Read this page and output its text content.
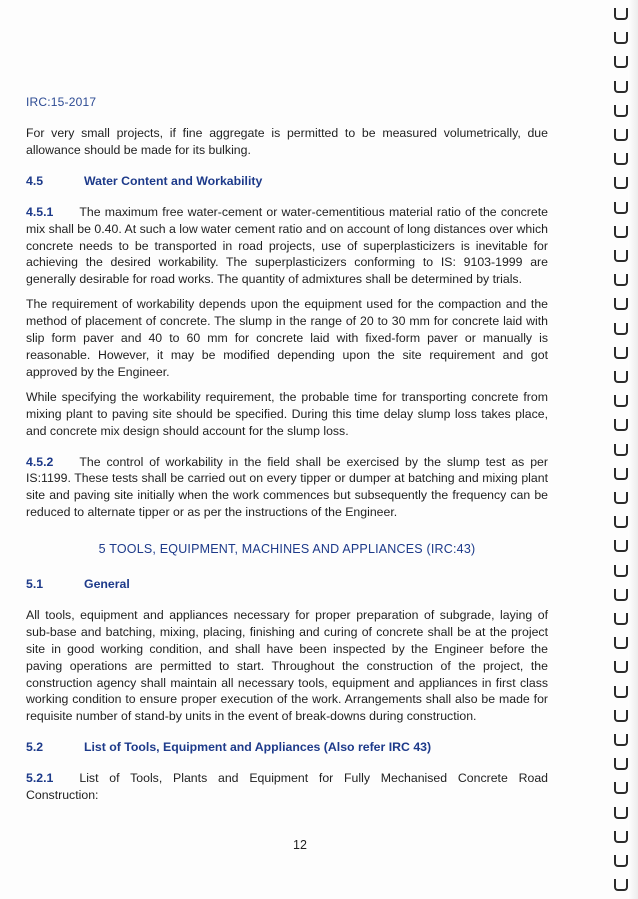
IRC:15-2017

For very small projects, if fine aggregate is permitted to be measured volumetrically, due allowance should be made for its bulking.

4.5	Water Content and Workability

4.5.1 The maximum free water-cement or water-cementitious material ratio of the concrete mix shall be 0.40. At such a low water cement ratio and on account of long distances over which concrete needs to be transported in road projects, use of superplasticizers is inevitable for achieving the desired workability. The superplasticizers conforming to IS: 9103-1999 are generally desirable for road works. The quantity of admixtures shall be determined by trials.

The requirement of workability depends upon the equipment used for the compaction and the method of placement of concrete. The slump in the range of 20 to 30 mm for concrete laid with slip form paver and 40 to 60 mm for concrete laid with fixed-form paver or manually is reasonable. However, it may be modified depending upon the site requirement and got approved by the Engineer.

While specifying the workability requirement, the probable time for transporting concrete from mixing plant to paving site should be specified. During this time delay slump loss takes place, and concrete mix design should account for the slump loss.

4.5.2 The control of workability in the field shall be exercised by the slump test as per IS:1199. These tests shall be carried out on every tipper or dumper at batching and mixing plant site and paving site initially when the work commences but subsequently the frequency can be reduced to alternate tipper or as per the instructions of the Engineer.

5 TOOLS, EQUIPMENT, MACHINES AND APPLIANCES (IRC:43)
5.1	General

All tools, equipment and appliances necessary for proper preparation of subgrade, laying of sub-base and batching, mixing, placing, finishing and curing of concrete shall be at the project site in good working condition, and shall have been inspected by the Engineer before the paving operations are permitted to start. Throughout the construction of the project, the construction agency shall maintain all necessary tools, equipment and appliances in first class working condition to ensure proper execution of the work. Arrangements shall also be made for requisite number of stand-by units in the event of break-downs during construction.

5.2	List of Tools, Equipment and Appliances (Also refer IRC 43)

5.2.1 List of Tools, Plants and Equipment for Fully Mechanised Concrete Road Construction:

12
